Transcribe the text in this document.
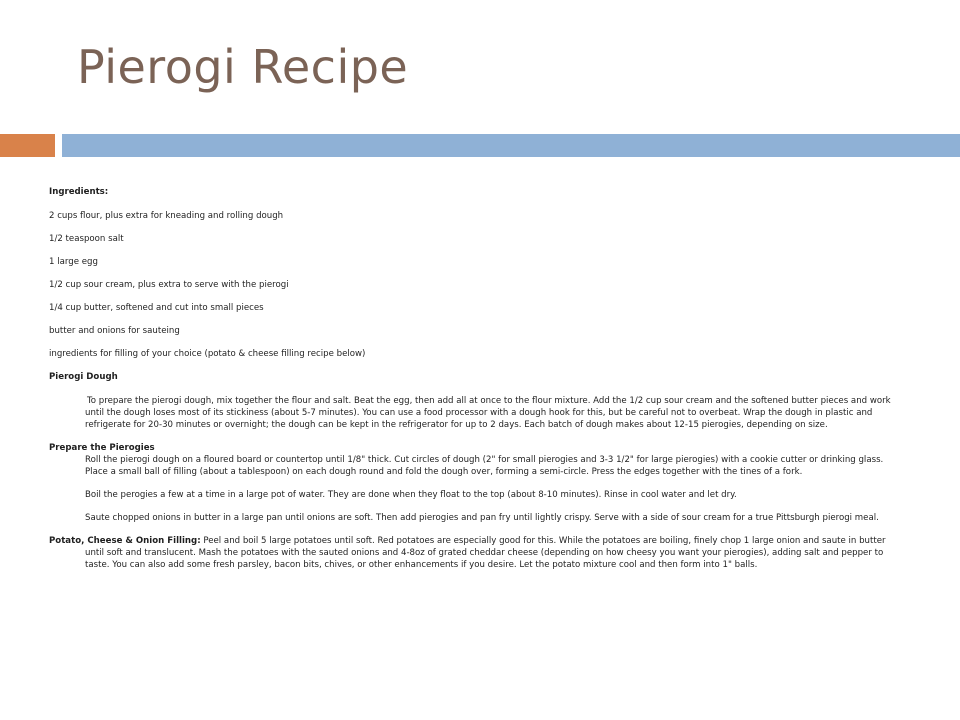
Pierogi Recipe

Ingredients:

2 cups flour, plus extra for kneading and rolling dough

1/2 teaspoon salt

1 large egg

1/2 cup sour cream, plus extra to serve with the pierogi

1/4 cup butter, softened and cut into small pieces

butter and onions for sauteing

ingredients for filling of your choice (potato & cheese filling recipe below)

Pierogi Dough

To prepare the pierogi dough, mix together the flour and salt. Beat the egg, then add all at once to the flour mixture. Add the 1/2 cup sour cream and the softened butter pieces and work until the dough loses most of its stickiness (about 5-7 minutes). You can use a food processor with a dough hook for this, but be careful not to overbeat. Wrap the dough in plastic and refrigerate for 20-30 minutes or overnight; the dough can be kept in the refrigerator for up to 2 days. Each batch of dough makes about 12-15 pierogies, depending on size.

Prepare the Pierogies

Roll the pierogi dough on a floured board or countertop until 1/8" thick. Cut circles of dough (2" for small pierogies and 3-3 1/2" for large pierogies) with a cookie cutter or drinking glass. Place a small ball of filling (about a tablespoon) on each dough round and fold the dough over, forming a semi-circle. Press the edges together with the tines of a fork.

Boil the perogies a few at a time in a large pot of water. They are done when they float to the top (about 8-10 minutes). Rinse in cool water and let dry.

Saute chopped onions in butter in a large pan until onions are soft. Then add pierogies and pan fry until lightly crispy. Serve with a side of sour cream for a true Pittsburgh pierogi meal.

Potato, Cheese & Onion Filling: Peel and boil 5 large potatoes until soft. Red potatoes are especially good for this. While the potatoes are boiling, finely chop 1 large onion and saute in butter until soft and translucent. Mash the potatoes with the sauted onions and 4-8oz of grated cheddar cheese (depending on how cheesy you want your pierogies), adding salt and pepper to taste. You can also add some fresh parsley, bacon bits, chives, or other enhancements if you desire. Let the potato mixture cool and then form into 1" balls.
